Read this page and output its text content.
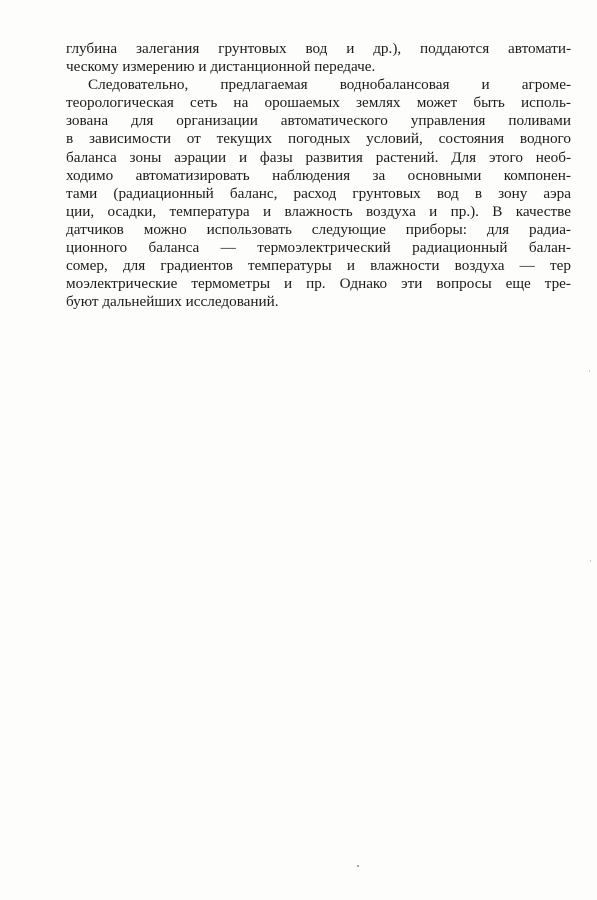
глубина залегания грунтовых вод и др.), поддаются автомати-
ческому измерению и дистанционной передаче.
Следовательно, предлагаемая воднобалансовая и агроме-
теорологическая сеть на орошаемых землях может быть исполь-
зована для организации автоматического управления поливами
в зависимости от текущих погодных условий, состояния водного
баланса зоны аэрации и фазы развития растений. Для этого необ-
ходимо автоматизировать наблюдения за основными компонен-
тами (радиационный баланс, расход грунтовых вод в зону аэра
ции, осадки, температура и влажность воздуха и пр.). В качестве
датчиков можно использовать следующие приборы: для радиа-
ционного баланса — термоэлектрический радиационный балан-
сомер, для градиентов температуры и влажности воздуха — тер
моэлектрические термометры и пр. Однако эти вопросы еще тре-
буют дальнейших исследований.
